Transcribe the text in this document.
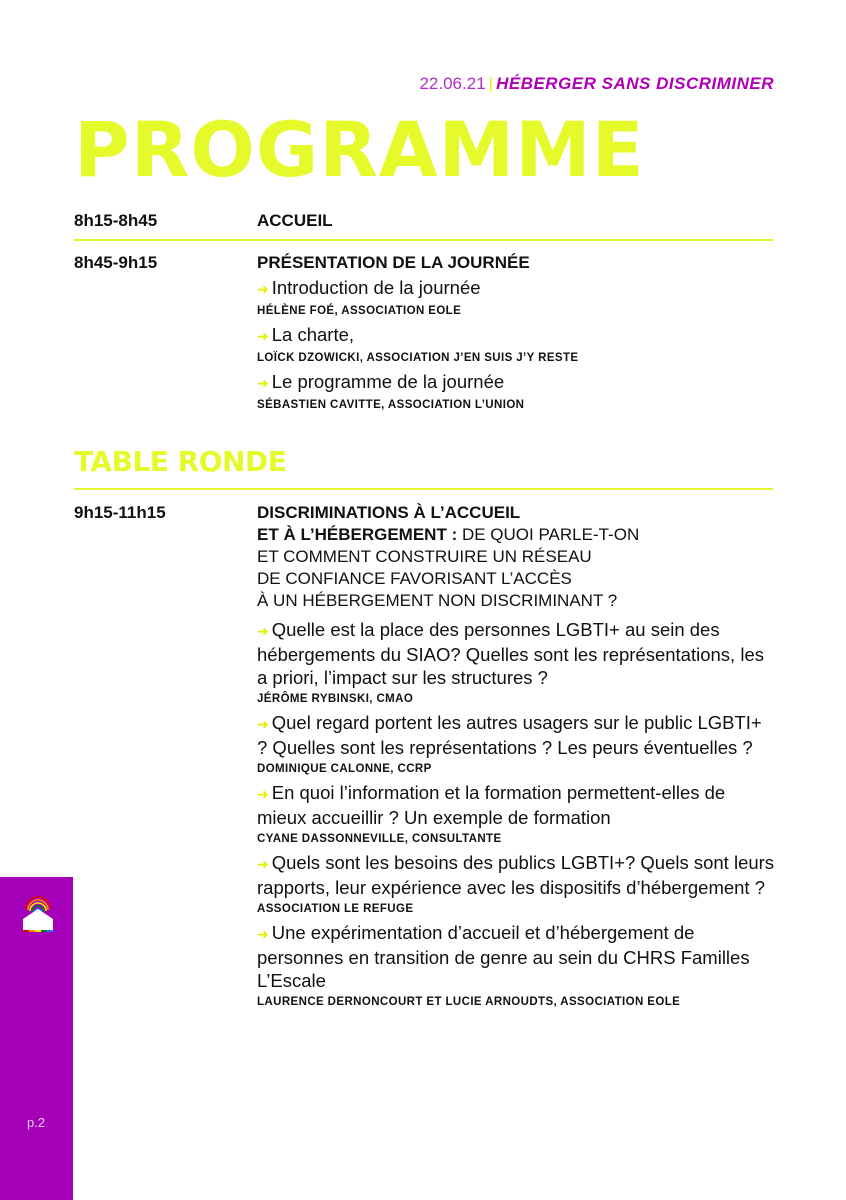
22.06.21 | HÉBERGER SANS DISCRIMINER
PROGRAMME
8h15-8h45	ACCUEIL
8h45-9h15	PRÉSENTATION DE LA JOURNÉE
➜ Introduction de la journée
HÉLÈNE FOÉ, ASSOCIATION EOLE
➜ La charte,
LOÏCK DZOWICKI, ASSOCIATION J’EN SUIS J’Y RESTE
➜ Le programme de la journée
SÉBASTIEN CAVITTE, ASSOCIATION L’UNION
TABLE RONDE
9h15-11h15	DISCRIMINATIONS À L’ACCUEIL
ET À L’HÉBERGEMENT : DE QUOI PARLE-T-ON
ET COMMENT CONSTRUIRE UN RÉSEAU
DE CONFIANCE FAVORISANT L’ACCÈS
À UN HÉBERGEMENT NON DISCRIMINANT ?
➜ Quelle est la place des personnes LGBTI+ au sein des hébergements du SIAO? Quelles sont les représentations, les a priori, l’impact sur les structures ?
JÉRÔME RYBINSKI, CMAO
➜ Quel regard portent les autres usagers sur le public LGBTI+ ? Quelles sont les représentations ? Les peurs éventuelles ?
DOMINIQUE CALONNE, CCRP
➜ En quoi l’information et la formation permettent-elles de mieux accueillir ? Un exemple de formation
CYANE DASSONNEVILLE, CONSULTANTE
➜ Quels sont les besoins des publics LGBTI+? Quels sont leurs rapports, leur expérience avec les dispositifs d’hébergement ?
ASSOCIATION LE REFUGE
➜ Une expérimentation d’accueil et d’hébergement de personnes en transition de genre au sein du CHRS Familles L’Escale
LAURENCE DERNONCOURT ET LUCIE ARNOUDTS, ASSOCIATION EOLE
p.2
